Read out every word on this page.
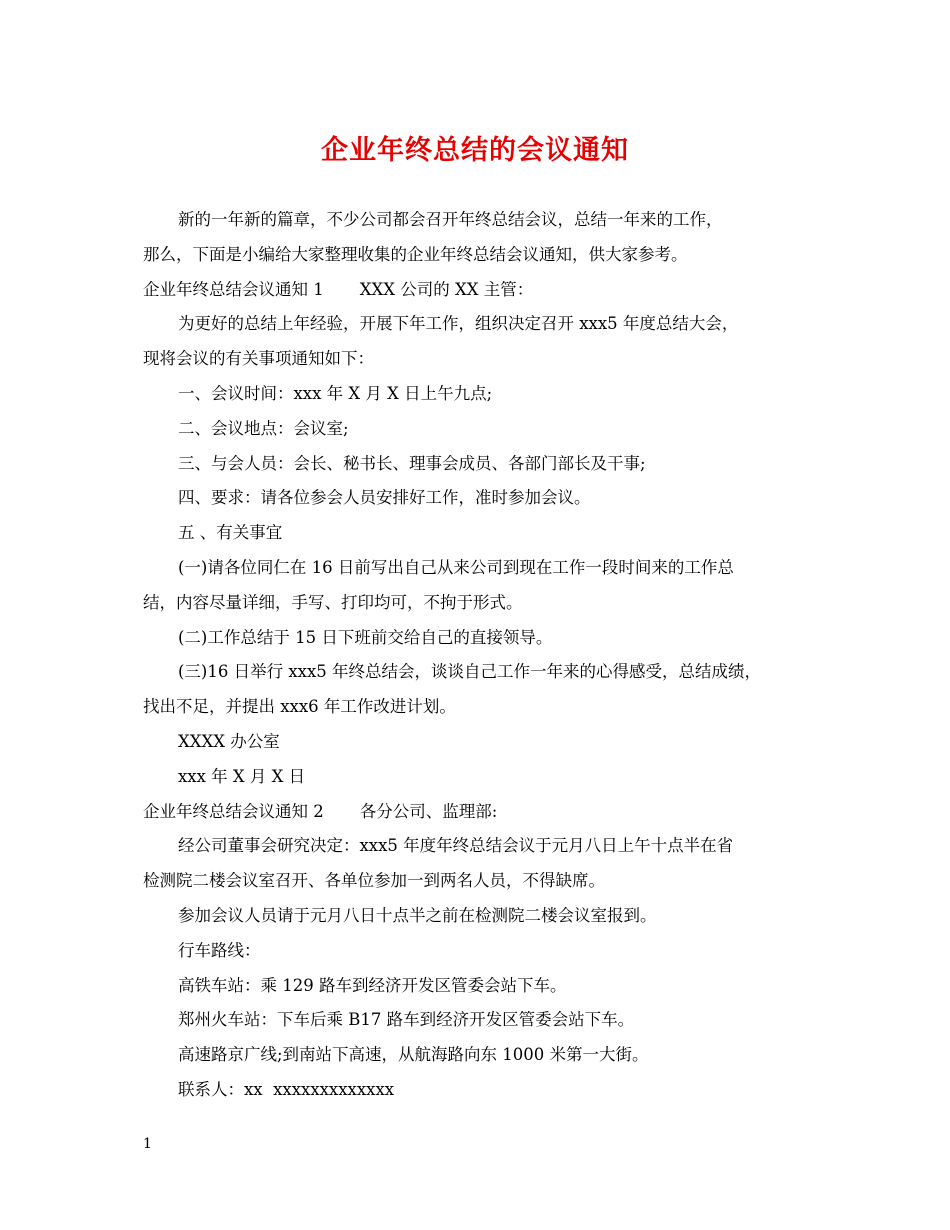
企业年终总结的会议通知

新的一年新的篇章，不少公司都会召开年终总结会议，总结一年来的工作，

那么，下面是小编给大家整理收集的企业年终总结会议通知，供大家参考。

企业年终总结会议通知 1 XXX 公司的 XX 主管：

为更好的总结上年经验，开展下年工作，组织决定召开 xxx5 年度总结大会，

现将会议的有关事项通知如下：

一、会议时间：xxx 年 X 月 X 日上午九点;

二、会议地点：会议室;

三、与会人员：会长、秘书长、理事会成员、各部门部长及干事;

四、要求：请各位参会人员安排好工作，准时参加会议。

五 、有关事宜

(一)请各位同仁在 16 日前写出自己从来公司到现在工作一段时间来的工作总

结，内容尽量详细，手写、打印均可，不拘于形式。

(二)工作总结于 15 日下班前交给自己的直接领导。

(三)16 日举行 xxx5 年终总结会，谈谈自己工作一年来的心得感受，总结成绩，

找出不足，并提出 xxx6 年工作改进计划。

XXXX 办公室

xxx 年 X 月 X 日

企业年终总结会议通知 2 各分公司、监理部:

经公司董事会研究决定：xxx5 年度年终总结会议于元月八日上午十点半在省

检测院二楼会议室召开、各单位参加一到两名人员，不得缺席。

参加会议人员请于元月八日十点半之前在检测院二楼会议室报到。

行车路线：

高铁车站：乘 129 路车到经济开发区管委会站下车。

郑州火车站：下车后乘 B17 路车到经济开发区管委会站下车。

高速路京广线;到南站下高速，从航海路向东 1000 米第一大街。

联系人：xx  xxxxxxxxxxxxx

1
